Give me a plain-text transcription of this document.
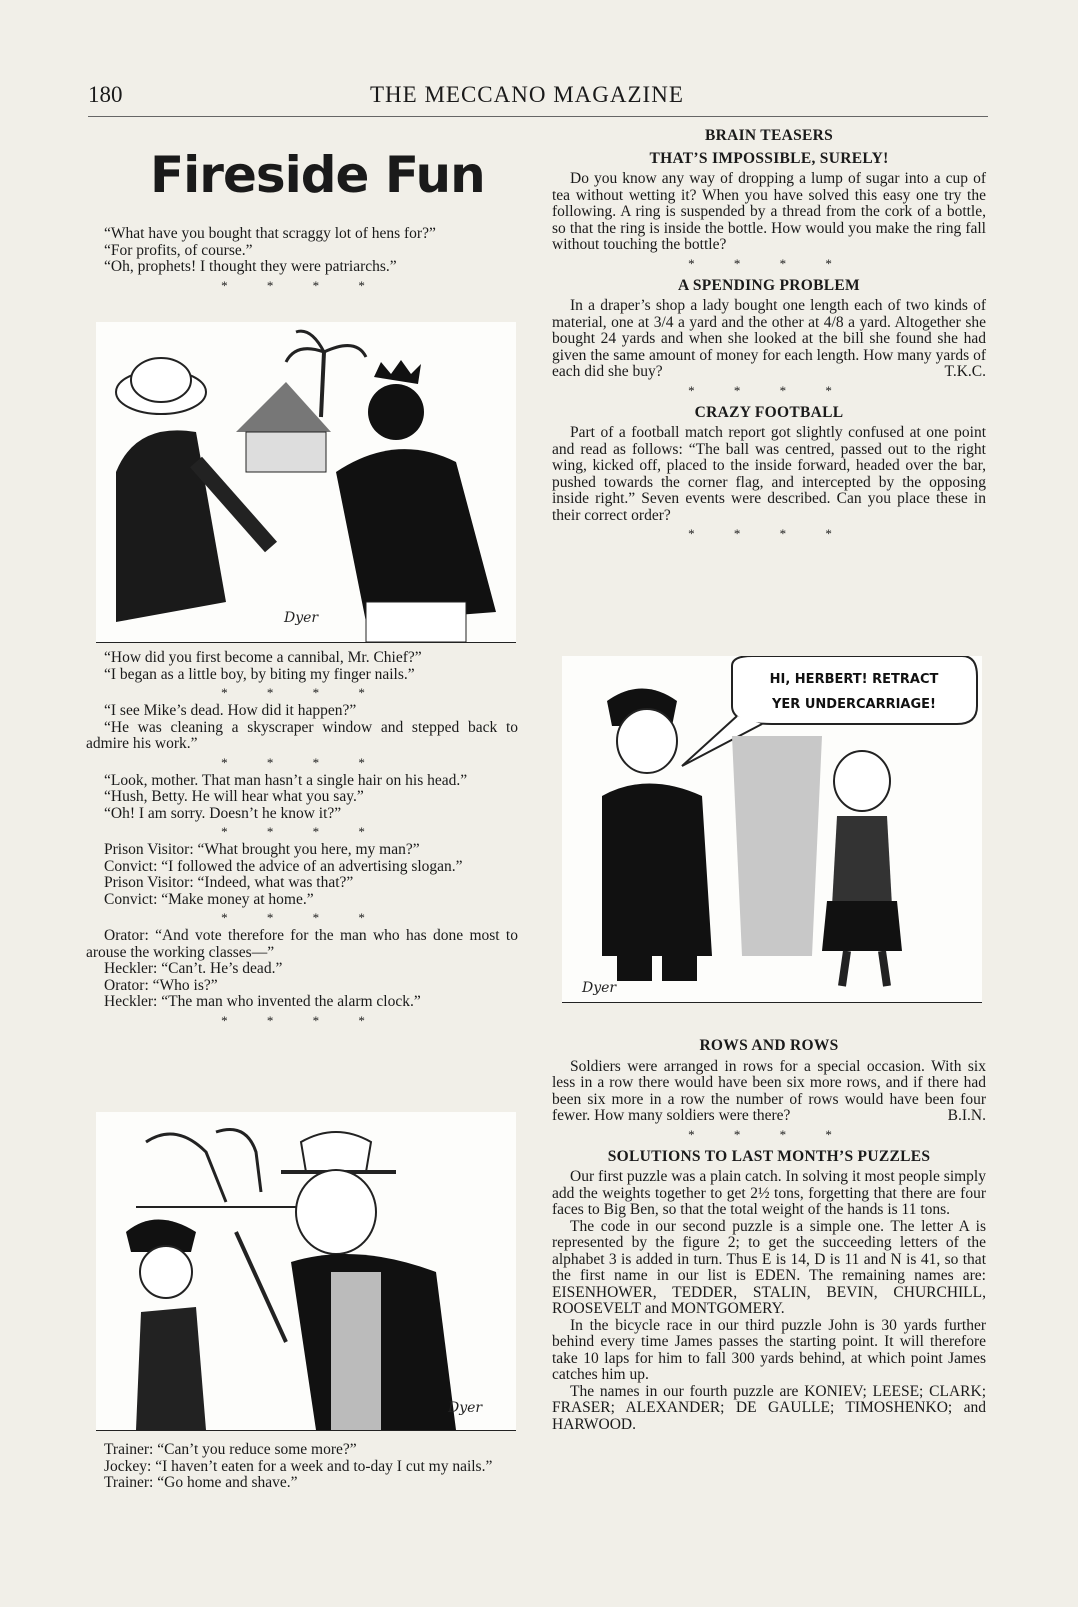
180	THE MECCANO MAGAZINE
Fireside Fun

“What have you bought that scraggy lot of hens for?”

“For profits, of course.”

“Oh, prophets! I thought they were patriarchs.”

* * * *
Dyer

“How did you first become a cannibal, Mr. Chief?”

“I began as a little boy, by biting my finger nails.”

* * * *

“I see Mike’s dead. How did it happen?”

“He was cleaning a skyscraper window and stepped back to admire his work.”

* * * *

“Look, mother. That man hasn’t a single hair on his head.”

“Hush, Betty. He will hear what you say.”

“Oh! I am sorry. Doesn’t he know it?”

* * * *

Prison Visitor: “What brought you here, my man?”

Convict: “I followed the advice of an advertising slogan.”

Prison Visitor: “Indeed, what was that?”

Convict: “Make money at home.”

* * * *

Orator: “And vote therefore for the man who has done most to arouse the working classes—”

Heckler: “Can’t. He’s dead.”

Orator: “Who is?”

Heckler: “The man who invented the alarm clock.”

* * * *
Dyer

Trainer: “Can’t you reduce some more?”

Jockey: “I haven’t eaten for a week and to-day I cut my nails.”

Trainer: “Go home and shave.”

BRAIN TEASERS
THAT’S IMPOSSIBLE, SURELY!

Do you know any way of dropping a lump of sugar into a cup of tea without wetting it? When you have solved this easy one try the following. A ring is suspended by a thread from the cork of a bottle, so that the ring is inside the bottle. How would you make the ring fall without touching the bottle?

* * * *
A SPENDING PROBLEM

In a draper’s shop a lady bought one length each of two kinds of material, one at 3/4 a yard and the other at 4/8 a yard. Altogether she bought 24 yards and when she looked at the bill she found she had given the same amount of money for each length. How many yards of each did she buy?	T.K.C.

* * * *
CRAZY FOOTBALL

Part of a football match report got slightly confused at one point and read as follows: “The ball was centred, passed out to the right wing, kicked off, placed to the inside forward, headed over the bar, pushed towards the corner flag, and intercepted by the opposing inside right.” Seven events were described. Can you place these in their correct order?

* * * *
HI, HERBERT! RETRACT
YER UNDERCARRIAGE!
Dyer
ROWS AND ROWS

Soldiers were arranged in rows for a special occasion. With six less in a row there would have been six more rows, and if there had been six more in a row the number of rows would have been four fewer. How many soldiers were there?	B.I.N.

* * * *
SOLUTIONS TO LAST MONTH’S PUZZLES

Our first puzzle was a plain catch. In solving it most people simply add the weights together to get 2½ tons, forgetting that there are four faces to Big Ben, so that the total weight of the hands is 11 tons.

The code in our second puzzle is a simple one. The letter A is represented by the figure 2; to get the succeeding letters of the alphabet 3 is added in turn. Thus E is 14, D is 11 and N is 41, so that the first name in our list is EDEN. The remaining names are: EISENHOWER, TEDDER, STALIN, BEVIN, CHURCHILL, ROOSEVELT and MONTGOMERY.

In the bicycle race in our third puzzle John is 30 yards further behind every time James passes the starting point. It will therefore take 10 laps for him to fall 300 yards behind, at which point James catches him up.

The names in our fourth puzzle are KONIEV; LEESE; CLARK; FRASER; ALEXANDER; DE GAULLE; TIMOSHENKO; and HARWOOD.
